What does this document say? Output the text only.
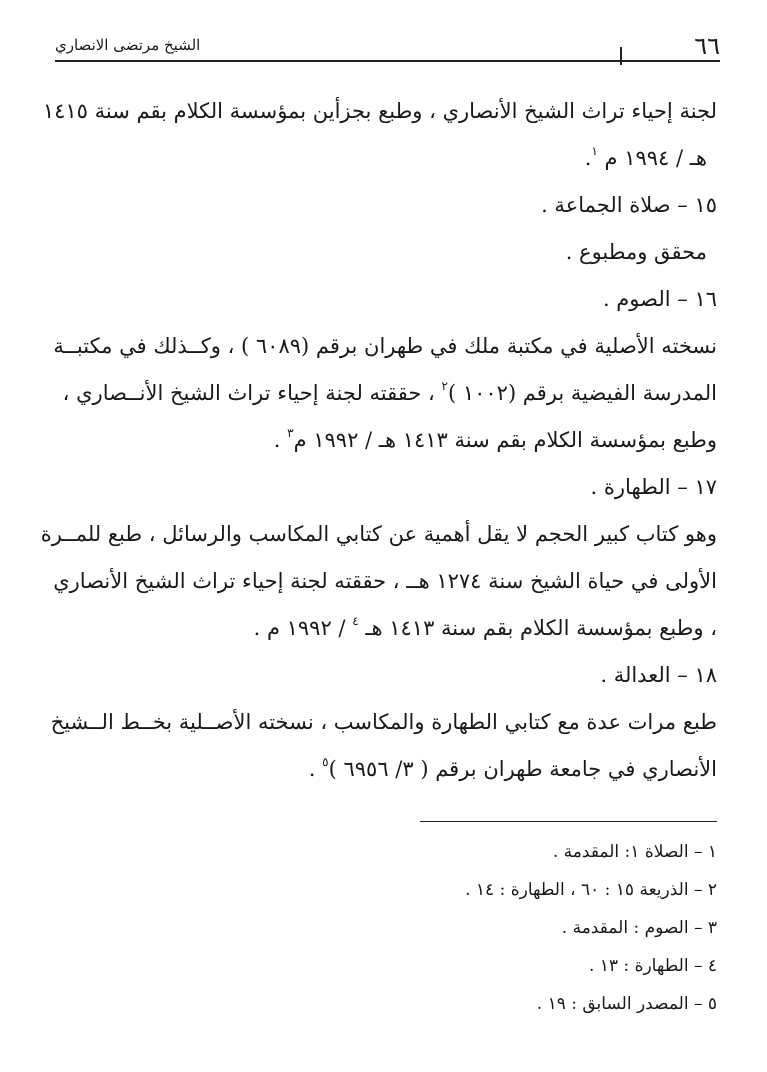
٦٦
الشيخ مرتضى الانصاري
لجنة إحياء تراث الشيخ الأنصاري ، وطبع بجزأين بمؤسسة الكلام بقم سنة ١٤١٥
هـ / ١٩٩٤ م $^١$.
١٥ – صلاة الجماعة .
محقق ومطبوع .
١٦ – الصوم .
نسخته الأصلية في مكتبة ملك في طهران برقم (٦٠٨٩ ) ، وكــذلك في مكتبــة
المدرسة الفيضية برقم (١٠٠٢ )$^٢$ ، حققته لجنة إحياء تراث الشيخ الأنــصاري ،
وطبع بمؤسسة الكلام بقم سنة ١٤١٣ هـ / ١٩٩٢ م$^٣$ .
١٧ – الطهارة .
وهو كتاب كبير الحجم لا يقل أهمية عن كتابي المكاسب والرسائل ، طبع للمــرة
الأولى في حياة الشيخ سنة ١٢٧٤ هــ ، حققته لجنة إحياء تراث الشيخ الأنصاري
، وطبع بمؤسسة الكلام بقم سنة ١٤١٣ هـ $^٤$ / ١٩٩٢ م .
١٨ – العدالة .
طبع مرات عدة مع كتابي الطهارة والمكاسب ، نسخته الأصــلية بخــط الــشيخ
الأنصاري في جامعة طهران برقم ( ٣/ ٦٩٥٦ )$^٥$ .
١ – الصلاة ١: المقدمة .
٢ – الذريعة ١٥ : ٦٠ ، الطهارة : ١٤ .
٣ – الصوم : المقدمة .
٤ – الطهارة : ١٣ .
٥ – المصدر السابق : ١٩ .
